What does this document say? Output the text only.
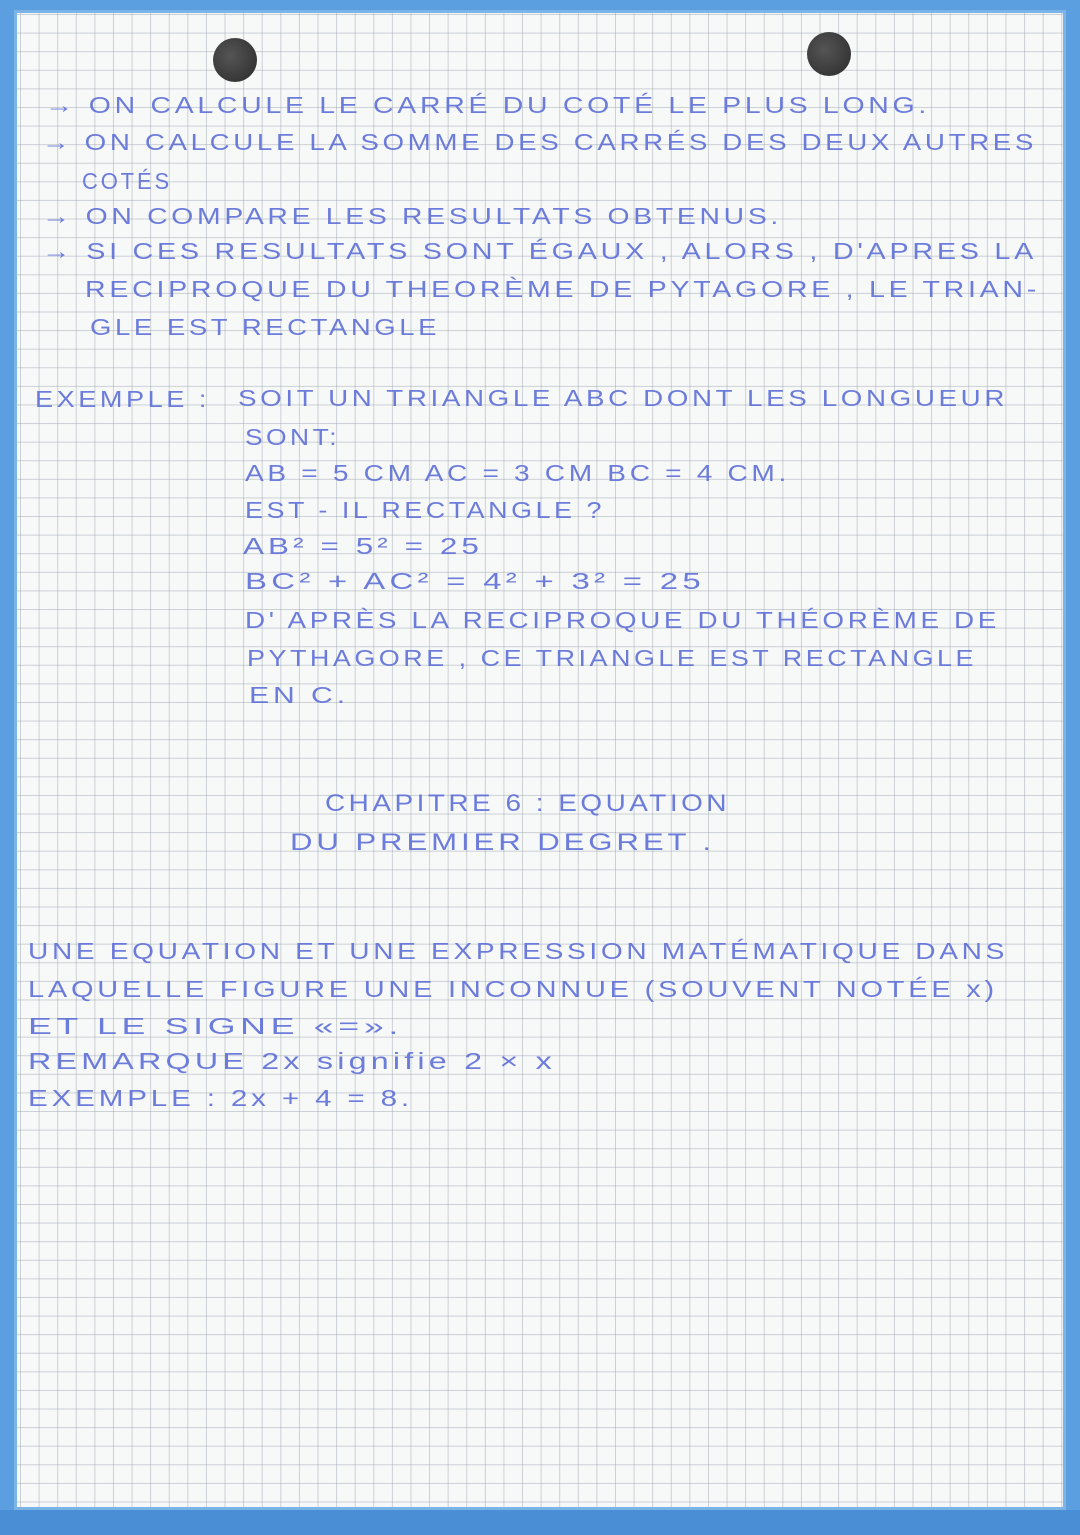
→ ON CALCULE LE CARRÉ DU COTÉ LE PLUS LONG.
→ ON CALCULE LA SOMME DES CARRÉS DES DEUX AUTRES
COTÉS
→ ON COMPARE LES RESULTATS OBTENUS.
→ SI CES RESULTATS SONT ÉGAUX , ALORS , D'APRES LA
RECIPROQUE DU THEORÈME DE PYTAGORE , LE TRIAN-
GLE EST RECTANGLE
EXEMPLE : SOIT UN TRIANGLE ABC DONT LES LONGUEUR
SONT:
AB = 5 CM AC = 3 CM BC = 4 CM.
EST - IL RECTANGLE ?
AB² = 5² = 25
BC² + AC² = 4² + 3² = 25
D' APRÈS LA RECIPROQUE DU THÉORÈME DE
PYTHAGORE , CE TRIANGLE EST RECTANGLE
EN C.
CHAPITRE 6 : EQUATION
DU PREMIER DEGRET .
UNE EQUATION ET UNE EXPRESSION MATÉMATIQUE DANS
LAQUELLE FIGURE UNE INCONNUE (SOUVENT NOTÉE x)
ET LE SIGNE «=».
REMARQUE 2x signifie 2 × x
EXEMPLE : 2x + 4 = 8.
